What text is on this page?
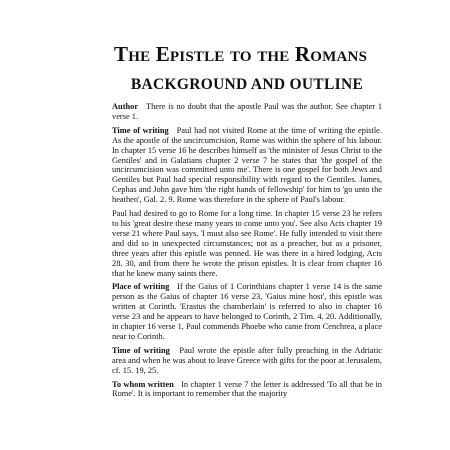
The Epistle to the Romans
BACKGROUND AND OUTLINE

Author There is no doubt that the apostle Paul was the author. See chapter 1 verse 1.

Time of writing Paul had not visited Rome at the time of writing the epistle. As the apostle of the uncircumcision, Rome was within the sphere of his labour. In chapter 15 verse 16 he describes himself as 'the minister of Jesus Christ to the Gentiles' and in Galatians chapter 2 verse 7 he states that 'the gospel of the uncircumcision was committed unto me'. There is one gospel for both Jews and Gentiles but Paul had special responsibility with regard to the Gentiles. James, Cephas and John gave him 'the right hands of fellowship' for him to 'go unto the heathen', Gal. 2. 9. Rome was therefore in the sphere of Paul's labour.

Paul had desired to go to Rome for a long time. In chapter 15 verse 23 he refers to his 'great desire these many years to come unto you'. See also Acts chapter 19 verse 21 where Paul says, 'I must also see Rome'. He fully intended to visit there and did so in unexpected circumstances; not as a preacher, but as a prisoner, three years after this epistle was penned. He was there in a hired lodging, Acts 28. 30, and from there he wrote the prison epistles. It is clear from chapter 16 that he knew many saints there.

Place of writing If the Gaius of 1 Corinthians chapter 1 verse 14 is the same person as the Gaius of chapter 16 verse 23, 'Gaius mine host', this epistle was written at Corinth. 'Erastus the chamberlain' is referred to also in chapter 16 verse 23 and he appears to have belonged to Corinth, 2 Tim. 4. 20. Additionally, in chapter 16 verse 1, Paul commends Phoebe who came from Cenchrea, a place near to Corinth.

Time of writing Paul wrote the epistle after fully preaching in the Adriatic area and when he was about to leave Greece with gifts for the poor at Jerusalem, cf. 15. 19, 25.

To whom written In chapter 1 verse 7 the letter is addressed 'To all that be in Rome'. It is important to remember that the majority
